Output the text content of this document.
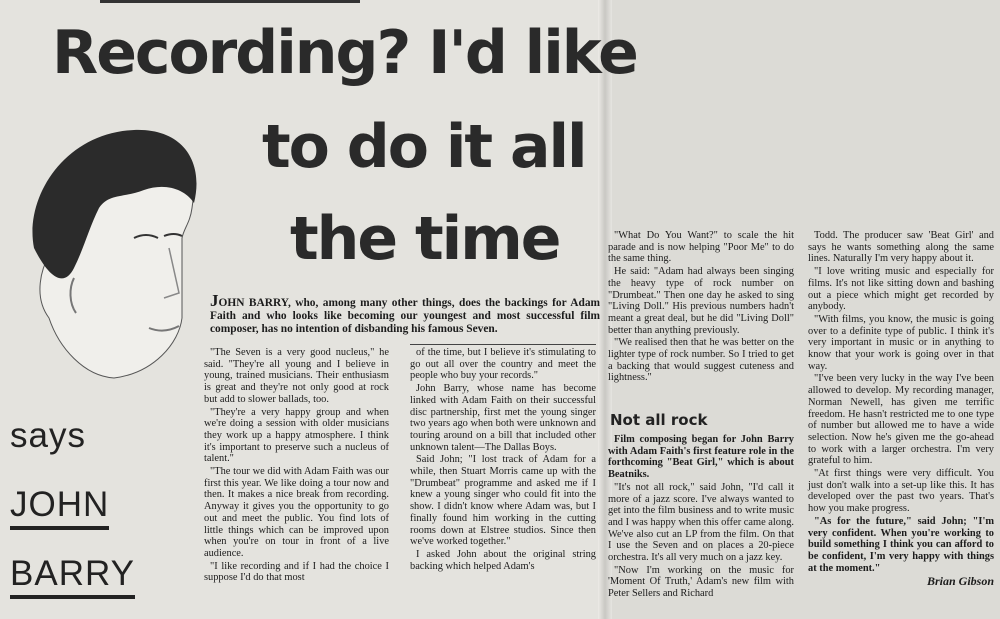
Recording? I'd like
to do it all
the time
says
JOHN
BARRY
JOHN BARRY, who, among many other things, does the backings for Adam Faith and who looks like becoming our youngest and most successful film composer, has no intention of disbanding his famous Seven.

"The Seven is a very good nucleus," he said. "They're all young and I believe in young, trained musicians. Their enthusiasm is great and they're not only good at rock but add to slower ballads, too.

"They're a very happy group and when we're doing a session with older musicians they work up a happy atmosphere. I think it's important to preserve such a nucleus of talent."

"The tour we did with Adam Faith was our first this year. We like doing a tour now and then. It makes a nice break from recording. Anyway it gives you the opportunity to go out and meet the public. You find lots of little things which can be improved upon when you're on tour in front of a live audience.

"I like recording and if I had the choice I suppose I'd do that most

of the time, but I believe it's stimulating to go out all over the country and meet the people who buy your records."

John Barry, whose name has become linked with Adam Faith on their successful disc partnership, first met the young singer two years ago when both were unknown and touring around on a bill that included other unknown talent—The Dallas Boys.

Said John; "I lost track of Adam for a while, then Stuart Morris came up with the "Drumbeat" programme and asked me if I knew a young singer who could fit into the show. I didn't know where Adam was, but I finally found him working in the cutting rooms down at Elstree studios. Since then we've worked together."

I asked John about the original string backing which helped Adam's

"What Do You Want?" to scale the hit parade and is now helping "Poor Me" to do the same thing.

He said: "Adam had always been singing the heavy type of rock number on "Drumbeat." Then one day he asked to sing "Living Doll." His previous numbers hadn't meant a great deal, but he did "Living Doll" better than anything previously.

"We realised then that he was better on the lighter type of rock number. So I tried to get a backing that would suggest cuteness and lightness."

Not all rock

Film composing began for John Barry with Adam Faith's first feature role in the forthcoming "Beat Girl," which is about Beatniks.

"It's not all rock," said John, "I'd call it more of a jazz score. I've always wanted to get into the film business and to write music and I was happy when this offer came along. We've also cut an LP from the film. On that I use the Seven and on places a 20-piece orchestra. It's all very much on a jazz key.

"Now I'm working on the music for 'Moment Of Truth,' Adam's new film with Peter Sellers and Richard

Todd. The producer saw 'Beat Girl' and says he wants something along the same lines. Naturally I'm very happy about it.

"I love writing music and especially for films. It's not like sitting down and bashing out a piece which might get recorded by anybody.

"With films, you know, the music is going over to a definite type of public. I think it's very important in music or in anything to know that your work is going over in that way.

"I've been very lucky in the way I've been allowed to develop. My recording manager, Norman Newell, has given me terrific freedom. He hasn't restricted me to one type of number but allowed me to have a wide selection. Now he's given me the go-ahead to work with a larger orchestra. I'm very grateful to him.

"At first things were very difficult. You just don't walk into a set-up like this. It has developed over the past two years. That's how you make progress.

"As for the future," said John; "I'm very confident. When you're working to build something I think you can afford to be confident, I'm very happy with things at the moment."

Brian Gibson
